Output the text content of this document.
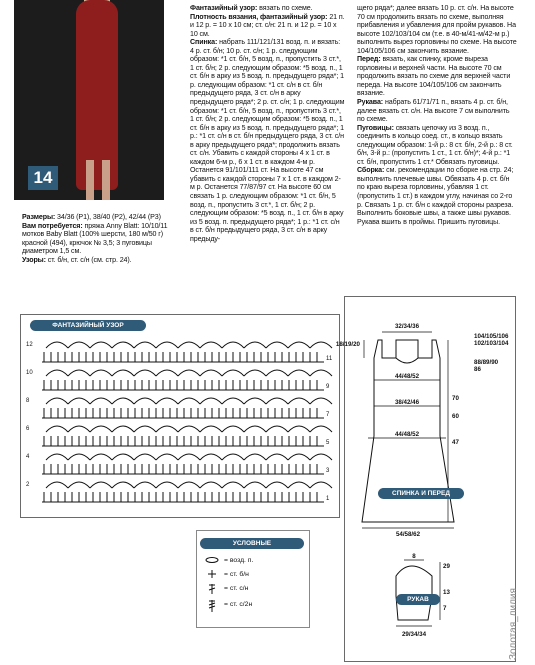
14

Размеры: 34/36 (P1), 38/40 (P2), 42/44 (P3)

Вам потребуется: пряжа Anny Blatt: 10/10/11 мотков Baby Blatt (100% шерсти, 180 м/50 г) красной (494), крючок № 3,5; 3 пуговицы диаметром 1,5 см.

Узоры: ст. б/н, ст. с/н (см. стр. 24).

Фантазийный узор: вязать по схеме.

Плотность вязания, фантазийный узор: 21 п. и 12 р. = 10 х 10 см; ст. с/н: 21 п. и 12 р. = 10 х 10 см.

Спинка: набрать 111/121/131 возд. п. и вязать: 4 р. ст. б/н; 10 р. ст. с/н; 1 р. следующим образом: *1 ст. б/н, 5 возд. п., пропустить 3 ст.*, 1 ст. б/н; 2 р. следующим образом: *5 возд. п., 1 ст. б/н в арку из 5 возд. п. предыдущего ряда*; 1 р. следующим образом: *1 ст. с/н в ст. б/н предыдущего ряда, 3 ст. с/н в арку предыдущего ряда*; 2 р. ст. с/н; 1 р. следующим образом: *1 ст. б/н, 5 возд. п., пропустить 3 ст.*, 1 ст. б/н; 2 р. следующим образом: *5 возд. п., 1 ст. б/н в арку из 5 возд. п. предыдущего ряда*; 1 р.: *1 ст. с/н в ст. б/н предыдущего ряда, 3 ст. с/н в арку предыдущего ряда*; продолжить вязать ст. с/н. Убавить с каждой стороны 4 х 1 ст. в каждом 6-м р., 6 х 1 ст. в каждом 4-м р. Останется 91/101/111 ст. На высоте 47 см убавить с каждой стороны 7 х 1 ст. в каждом 2-м р. Останется 77/87/97 ст. На высоте 60 см связать 1 р. следующим образом: *1 ст. б/н, 5 возд. п., пропустить 3 ст.*, 1 ст. б/н; 2 р. следующим образом: *5 возд. п., 1 ст. б/н в арку из 5 возд. п. предыдущего ряда*; 1 р.: *1 ст. с/н в ст. б/н предыдущего ряда, 3 ст. с/н в арку предыду-

щего ряда*; далее вязать 10 р. ст. с/н. На высоте 70 см продолжить вязать по схеме, выполняя прибавления и убавления для пройм рукавов. На высоте 102/103/104 см (т.е. в 40-м/41-м/42-м р.) выполнить вырез горловины по схеме. На высоте 104/105/106 см закончить вязание.

Перед: вязать, как спинку, кроме выреза горловины и верхней части. На высоте 70 см продолжить вязать по схеме для верхней части переда. На высоте 104/105/106 см закончить вязание.

Рукава: набрать 61/71/71 п., вязать 4 р. ст. б/н, далее вязать ст. с/н. На высоте 7 см выполнить по схеме.

Пуговицы: связать цепочку из 3 возд. п., соединить в кольцо соед. ст., в кольцо вязать следующим образом: 1-й р.: 8 ст. б/н, 2-й р.: 8 ст. б/н, 3-й р.: (пропустить 1 ст., 1 ст. б/н)*; 4-й р.: *1 ст. б/н, пропустить 1 ст.* Обвязать пуговицы.

Сборка: см. рекомендации по сборке на стр. 24; выполнить плечевые швы. Обвязать 4 р. ст. б/н по краю выреза горловины, убавляя 1 ст. (пропустить 1 ст.) в каждом углу, начиная со 2-го р. Связать 1 р. ст. б/н с каждой стороны разреза. Выполнить боковые швы, а также швы рукавов. Рукава вшить в проймы. Пришить пуговицы.

ФАНТАЗИЙНЫЙ УЗОР
12
11
10
9
8
7
6
5
4
3
2
1
УСЛОВНЫЕ ОБОЗНАЧЕНИЯ
= возд. п.
= ст. б/н
= ст. с/н
= ст. с/2н
32/34/36
18/19/20
104/105/106
102/103/104
88/89/90
86
44/48/52
70
38/42/46
60
44/48/52
47
54/58/62
8
29
13
7
29/34/34
СПИНКА И ПЕРЕД
РУКАВ	Золотая_лилия
